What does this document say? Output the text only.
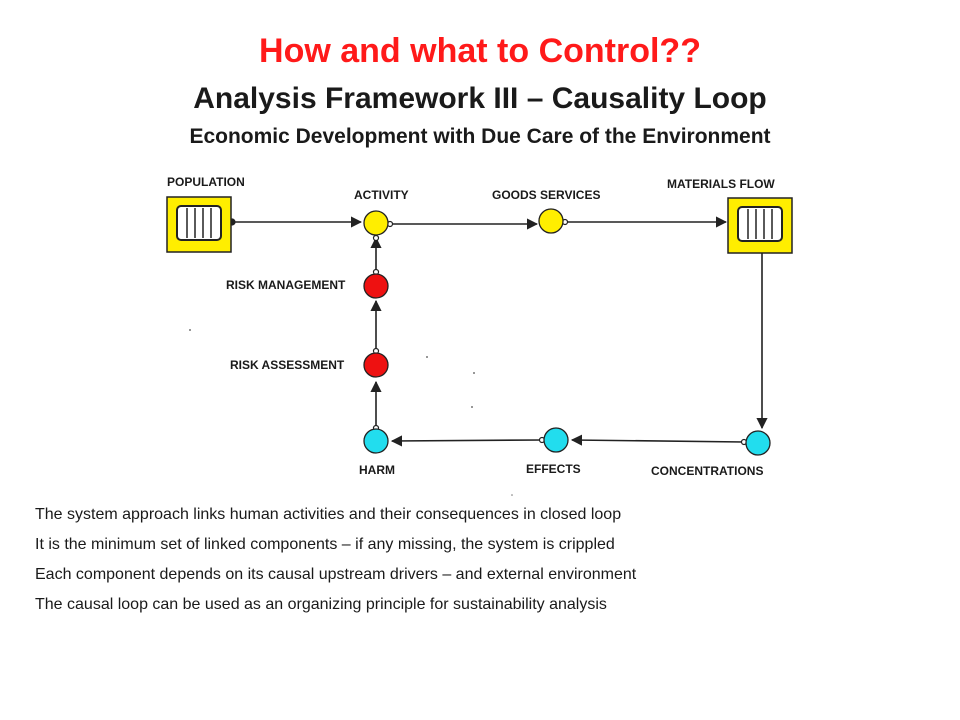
How and what to Control??
Analysis Framework III – Causality Loop
Economic Development with Due Care of the Environment
POPULATION
ACTIVITY	GOODS SERVICES
MATERIALS FLOW
RISK MANAGEMENT
RISK ASSESSMENT
HARM	EFFECTS	CONCENTRATIONS
The system approach links human activities and their consequences in closed loop
It is the minimum set of linked components – if any missing, the system is crippled
Each component depends on its causal upstream drivers – and external environment
The causal loop can be used as an organizing principle for sustainability analysis
